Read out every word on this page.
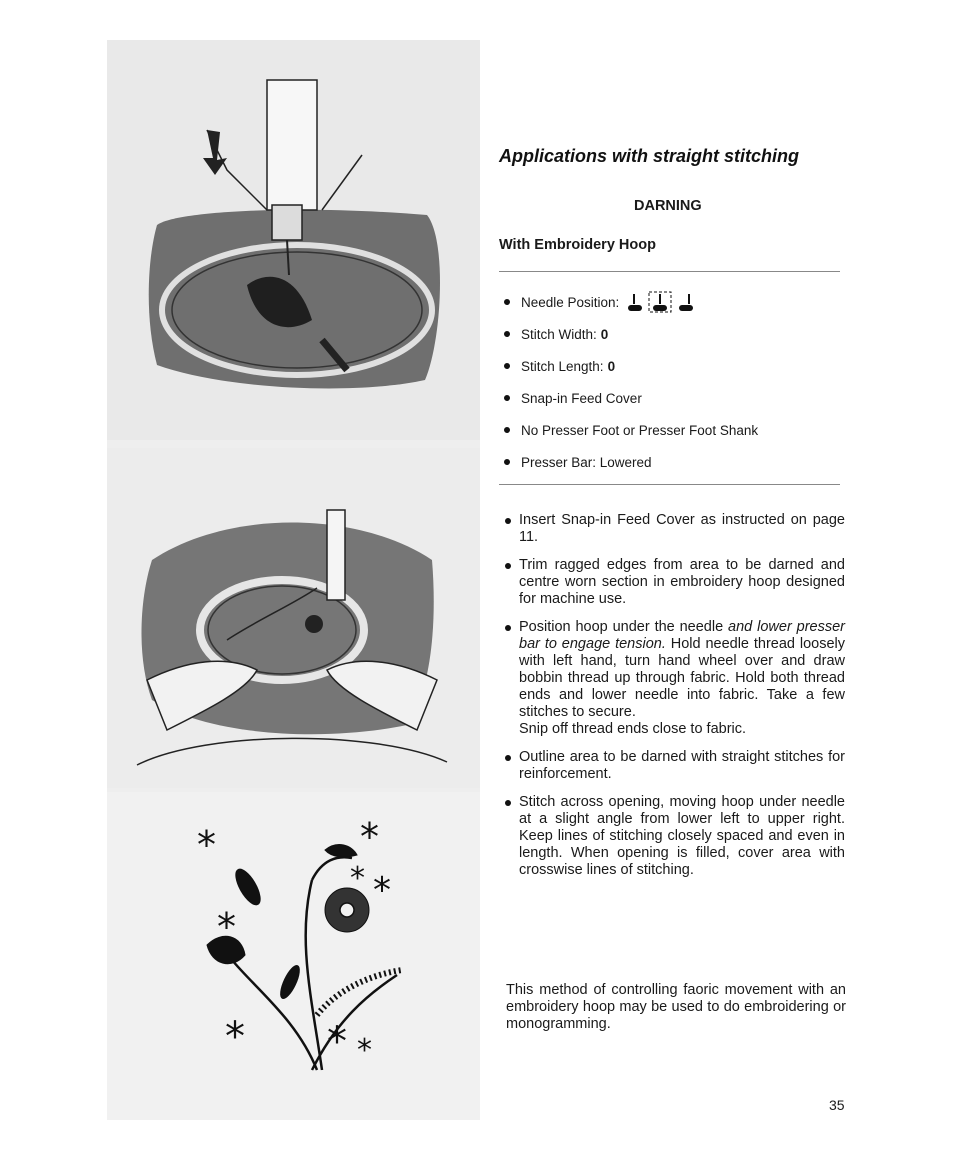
*	*
* *
*
* * *
Applications with straight stitching
DARNING
With Embroidery Hoop
Needle Position:
Stitch Width: 0
Stitch Length: 0
Snap-in Feed Cover
No Presser Foot or Presser Foot Shank
Presser Bar: Lowered

Insert Snap-in Feed Cover as instructed on page 11.

Trim ragged edges from area to be darned and centre worn section in embroidery hoop designed for machine use.

Position hoop under the needle and lower presser bar to engage tension. Hold needle thread loosely with left hand, turn hand wheel over and draw bobbin thread up through fabric. Hold both thread ends and lower needle into fabric. Take a few stitches to secure.

Snip off thread ends close to fabric.

Outline area to be darned with straight stitches for reinforcement.

Stitch across opening, moving hoop under needle at a slight angle from lower left to upper right. Keep lines of stitching closely spaced and even in length. When opening is filled, cover area with crosswise lines of stitching.

This method of controlling faoric movement with an embroidery hoop may be used to do embroidering or monogramming.

35
